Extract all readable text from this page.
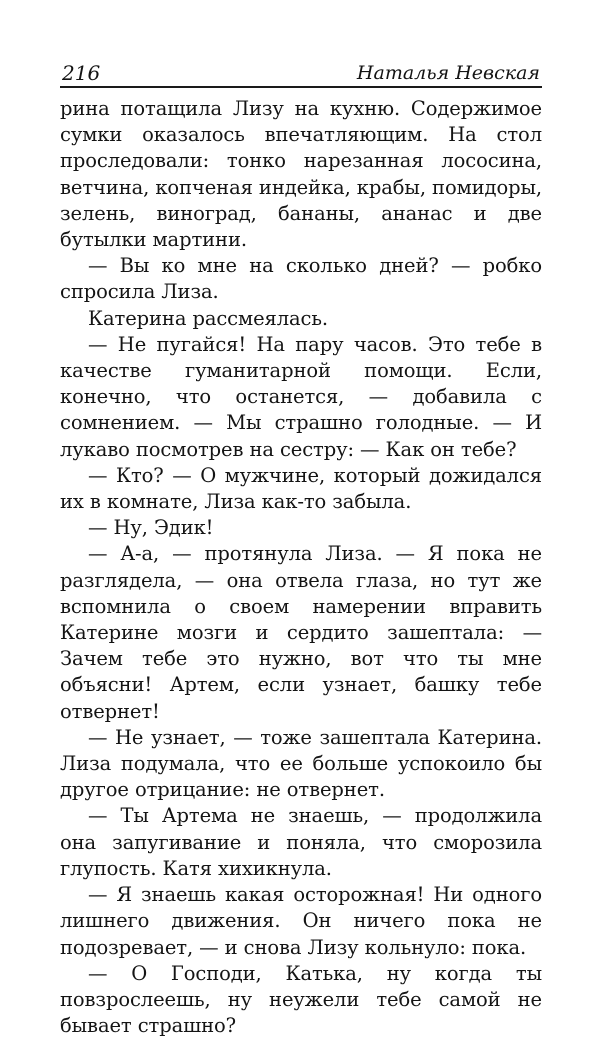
216	Наталья Невская

рина потащила Лизу на кухню. Содержимое сумки оказалось впечатляющим. На стол проследовали: тонко нарезанная лососина, ветчина, копченая индейка, крабы, помидоры, зелень, виноград, бананы, ананас и две бутылки мартини.

— Вы ко мне на сколько дней? — робко спросила Лиза.

Катерина рассмеялась.

— Не пугайся! На пару часов. Это тебе в качестве гуманитарной помощи. Если, конечно, что останется, — добавила с сомнением. — Мы страшно голодные. — И лукаво посмотрев на сестру: — Как он тебе?

— Кто? — О мужчине, который дожидался их в комнате, Лиза как-то забыла.

— Ну, Эдик!

— А-а, — протянула Лиза. — Я пока не разглядела, — она отвела глаза, но тут же вспомнила о своем намерении вправить Катерине мозги и сердито зашептала: — Зачем тебе это нужно, вот что ты мне объясни! Артем, если узнает, башку тебе отвернет!

— Не узнает, — тоже зашептала Катерина. Лиза подумала, что ее больше успокоило бы другое отрицание: не отвернет.

— Ты Артема не знаешь, — продолжила она запугивание и поняла, что сморозила глупость. Катя хихикнула.

— Я знаешь какая осторожная! Ни одного лишнего движения. Он ничего пока не подозревает, — и снова Лизу кольнуло: пока.

— О Господи, Катька, ну когда ты повзрослеешь, ну неужели тебе самой не бывает страшно?
